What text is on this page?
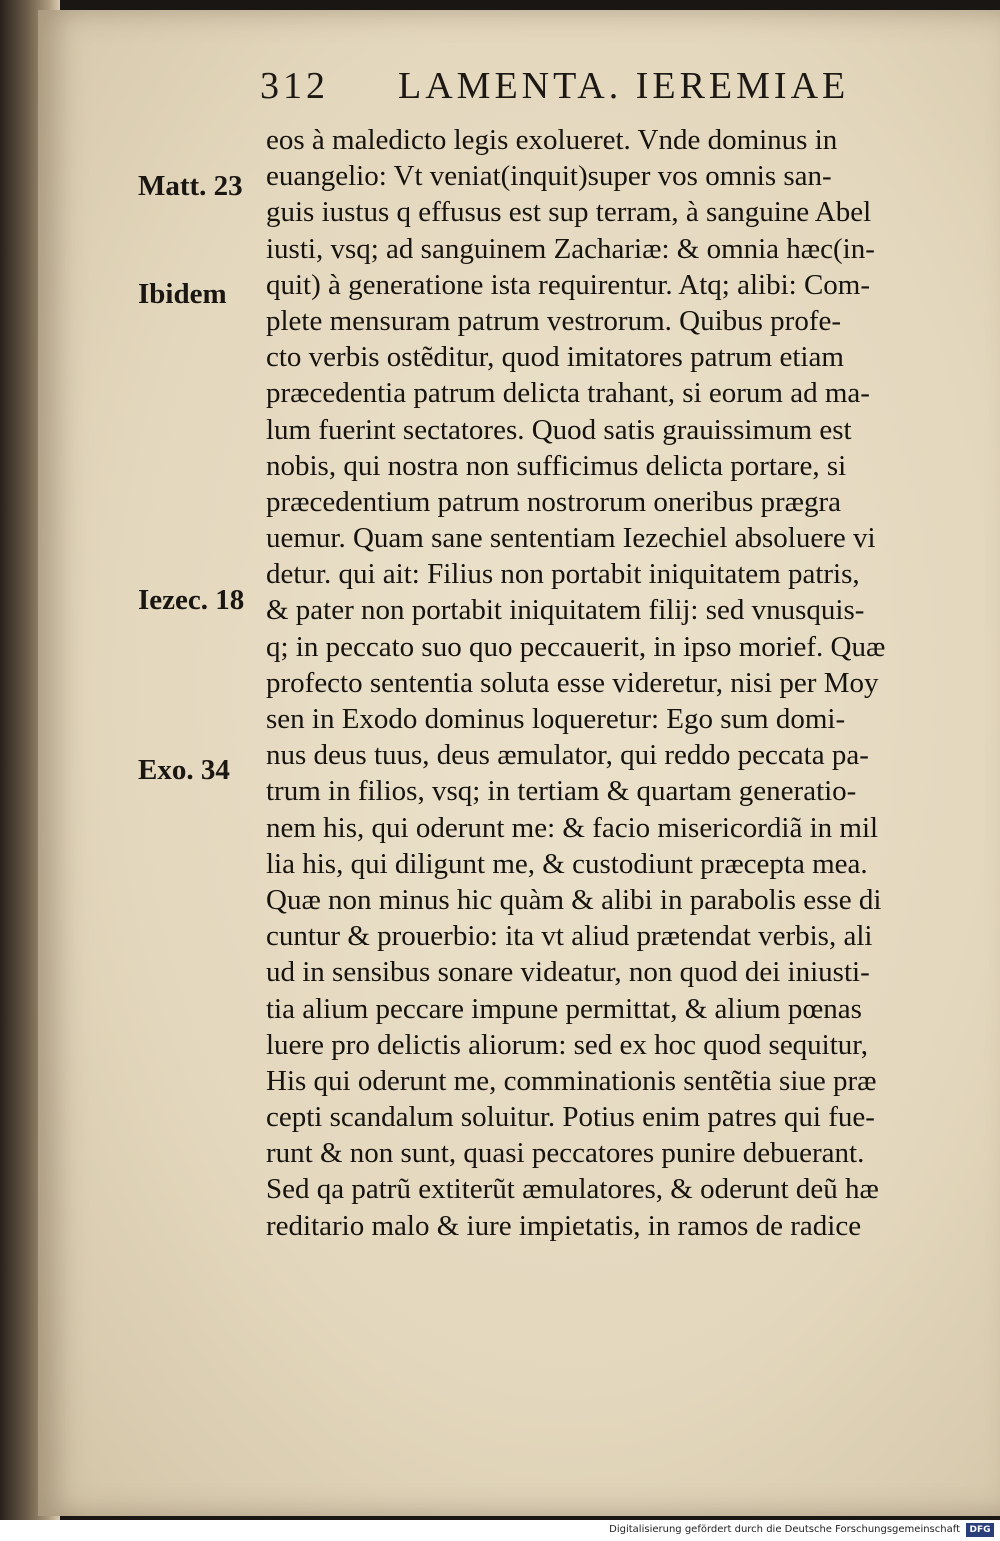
312 LAMENTA. IEREMIAE
Matt. 23
Ibidem
Iezec. 18
Exo. 34
eos à maledicto legis exolueret. Vnde dominus in
euangelio: Vt veniat(inquit)super vos omnis san-
guis iustus q effusus est sup terram, à sanguine Abel
iusti, vsq; ad sanguinem Zachariæ: & omnia hæc(in-
quit) à generatione ista requirentur. Atq; alibi: Com-
plete mensuram patrum vestrorum. Quibus profe-
cto verbis ostẽditur, quod imitatores patrum etiam
præcedentia patrum delicta trahant, si eorum ad ma-
lum fuerint sectatores. Quod satis grauissimum est
nobis, qui nostra non sufficimus delicta portare, si
præcedentium patrum nostrorum oneribus prægra
uemur. Quam sane sententiam Iezechiel absoluere vi
detur. qui ait: Filius non portabit iniquitatem patris,
& pater non portabit iniquitatem filij: sed vnusquis-
q; in peccato suo quo peccauerit, in ipso morief. Quæ
profecto sententia soluta esse videretur, nisi per Moy
sen in Exodo dominus loqueretur: Ego sum domi-
nus deus tuus, deus æmulator, qui reddo peccata pa-
trum in filios, vsq; in tertiam & quartam generatio-
nem his, qui oderunt me: & facio misericordiã in mil
lia his, qui diligunt me, & custodiunt præcepta mea.
Quæ non minus hic quàm & alibi in parabolis esse di
cuntur & prouerbio: ita vt aliud prætendat verbis, ali
ud in sensibus sonare videatur, non quod dei iniusti-
tia alium peccare impune permittat, & alium pœnas
luere pro delictis aliorum: sed ex hoc quod sequitur,
His qui oderunt me, comminationis sentẽtia siue præ
cepti scandalum soluitur. Potius enim patres qui fue-
runt & non sunt, quasi peccatores punire debuerant.
Sed qa patrũ extiterũt æmulatores, & oderunt deũ hæ
reditario malo & iure impietatis, in ramos de radice
Digitalisierung gefördert durch die Deutsche Forschungsgemeinschaft	DFG
